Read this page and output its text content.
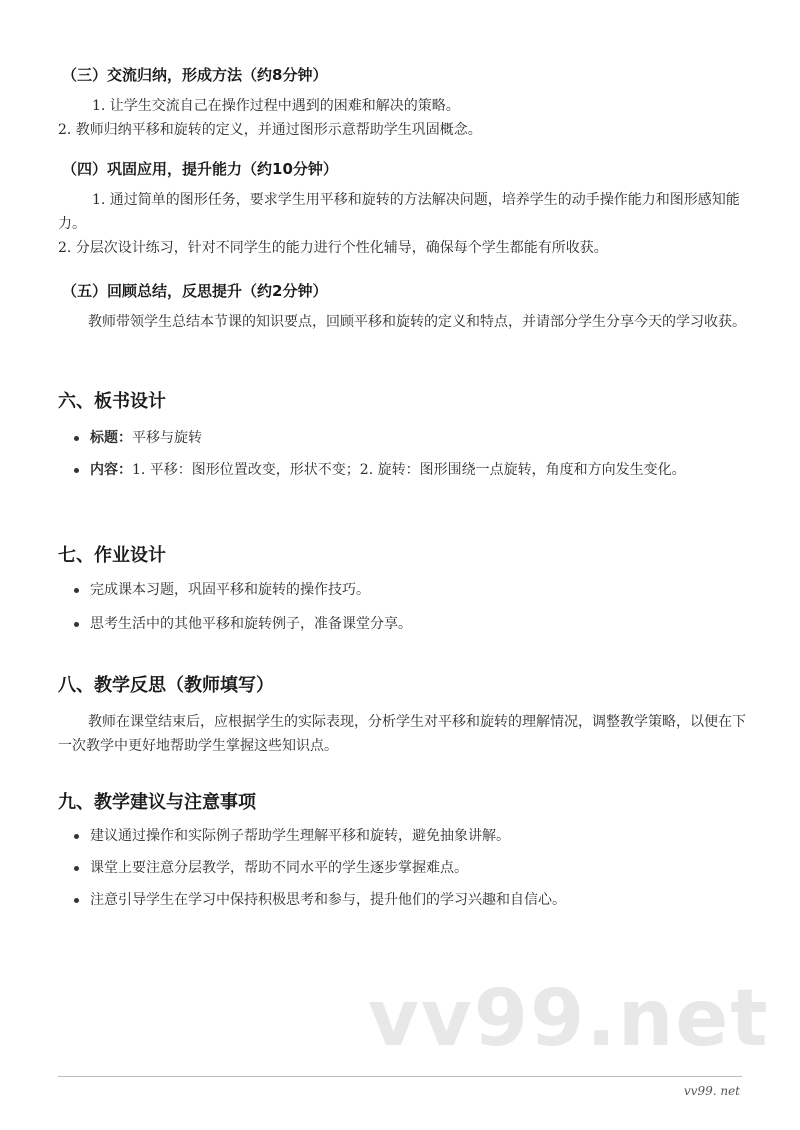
（三）交流归纳，形成方法（约8分钟）
1. 让学生交流自己在操作过程中遇到的困难和解决的策略。
2. 教师归纳平移和旋转的定义，并通过图形示意帮助学生巩固概念。
（四）巩固应用，提升能力（约10分钟）
1. 通过简单的图形任务，要求学生用平移和旋转的方法解决问题，培养学生的动手操作能力和图形感知能力。
2. 分层次设计练习，针对不同学生的能力进行个性化辅导，确保每个学生都能有所收获。
（五）回顾总结，反思提升（约2分钟）
教师带领学生总结本节课的知识要点，回顾平移和旋转的定义和特点，并请部分学生分享今天的学习收获。
六、板书设计
标题：平移与旋转
内容：1. 平移：图形位置改变，形状不变；2. 旋转：图形围绕一点旋转，角度和方向发生变化。
七、作业设计
完成课本习题，巩固平移和旋转的操作技巧。
思考生活中的其他平移和旋转例子，准备课堂分享。
八、教学反思（教师填写）
教师在课堂结束后，应根据学生的实际表现，分析学生对平移和旋转的理解情况，调整教学策略，以便在下一次教学中更好地帮助学生掌握这些知识点。
九、教学建议与注意事项
建议通过操作和实际例子帮助学生理解平移和旋转，避免抽象讲解。
课堂上要注意分层教学，帮助不同水平的学生逐步掌握难点。
注意引导学生在学习中保持积极思考和参与，提升他们的学习兴趣和自信心。
vv99.net
vv99. net
